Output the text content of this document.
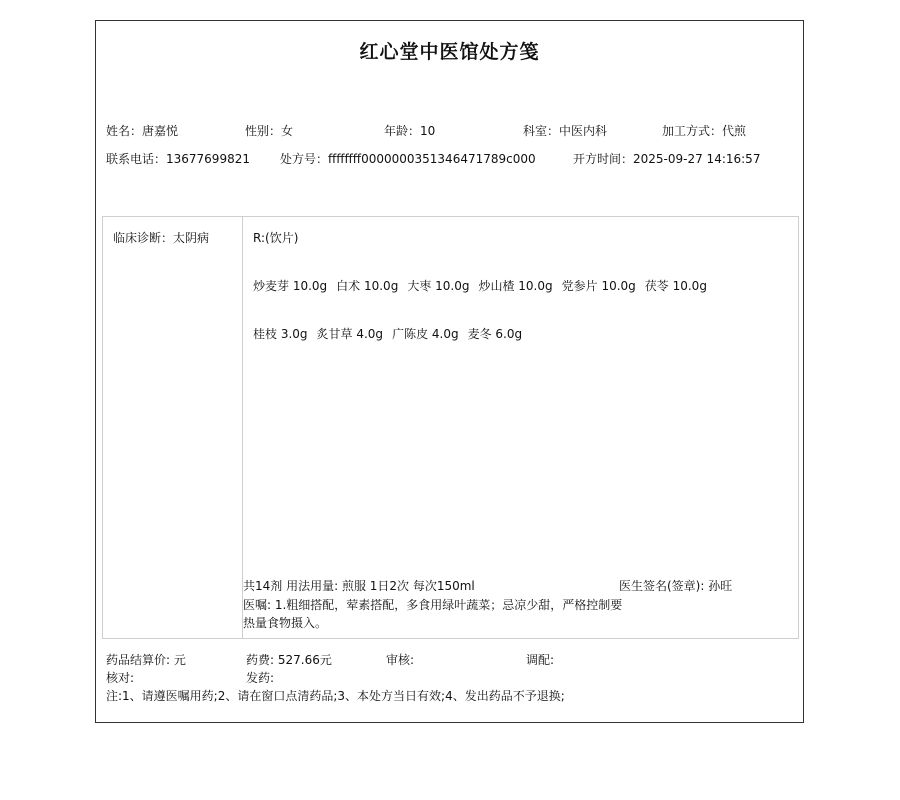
红心堂中医馆处方笺
姓名：唐嘉悦	性别：女	年龄：10	科室：中医内科	加工方式：代煎
联系电话：13677699821	处方号：ffffffff0000000351346471789c000	开方时间：2025-09-27 14:16:57
临床诊断：太阴病	R:(饮片)
炒麦芽 10.0g 白术 10.0g 大枣 10.0g 炒山楂 10.0g 党参片 10.0g 茯苓 10.0g
桂枝 3.0g 炙甘草 4.0g 广陈皮 4.0g 麦冬 6.0g
共14剂 用法用量: 煎服 1日2次 每次150ml	医生签名(签章): 孙旺
医嘱: 1.粗细搭配，荤素搭配，多食用绿叶蔬菜；忌凉少甜，严格控制要热量食物摄入。
药品结算价: 元	药费: 527.66元	审核:	调配:
核对:	发药:
注:1、请遵医嘱用药;2、请在窗口点清药品;3、本处方当日有效;4、发出药品不予退换;
